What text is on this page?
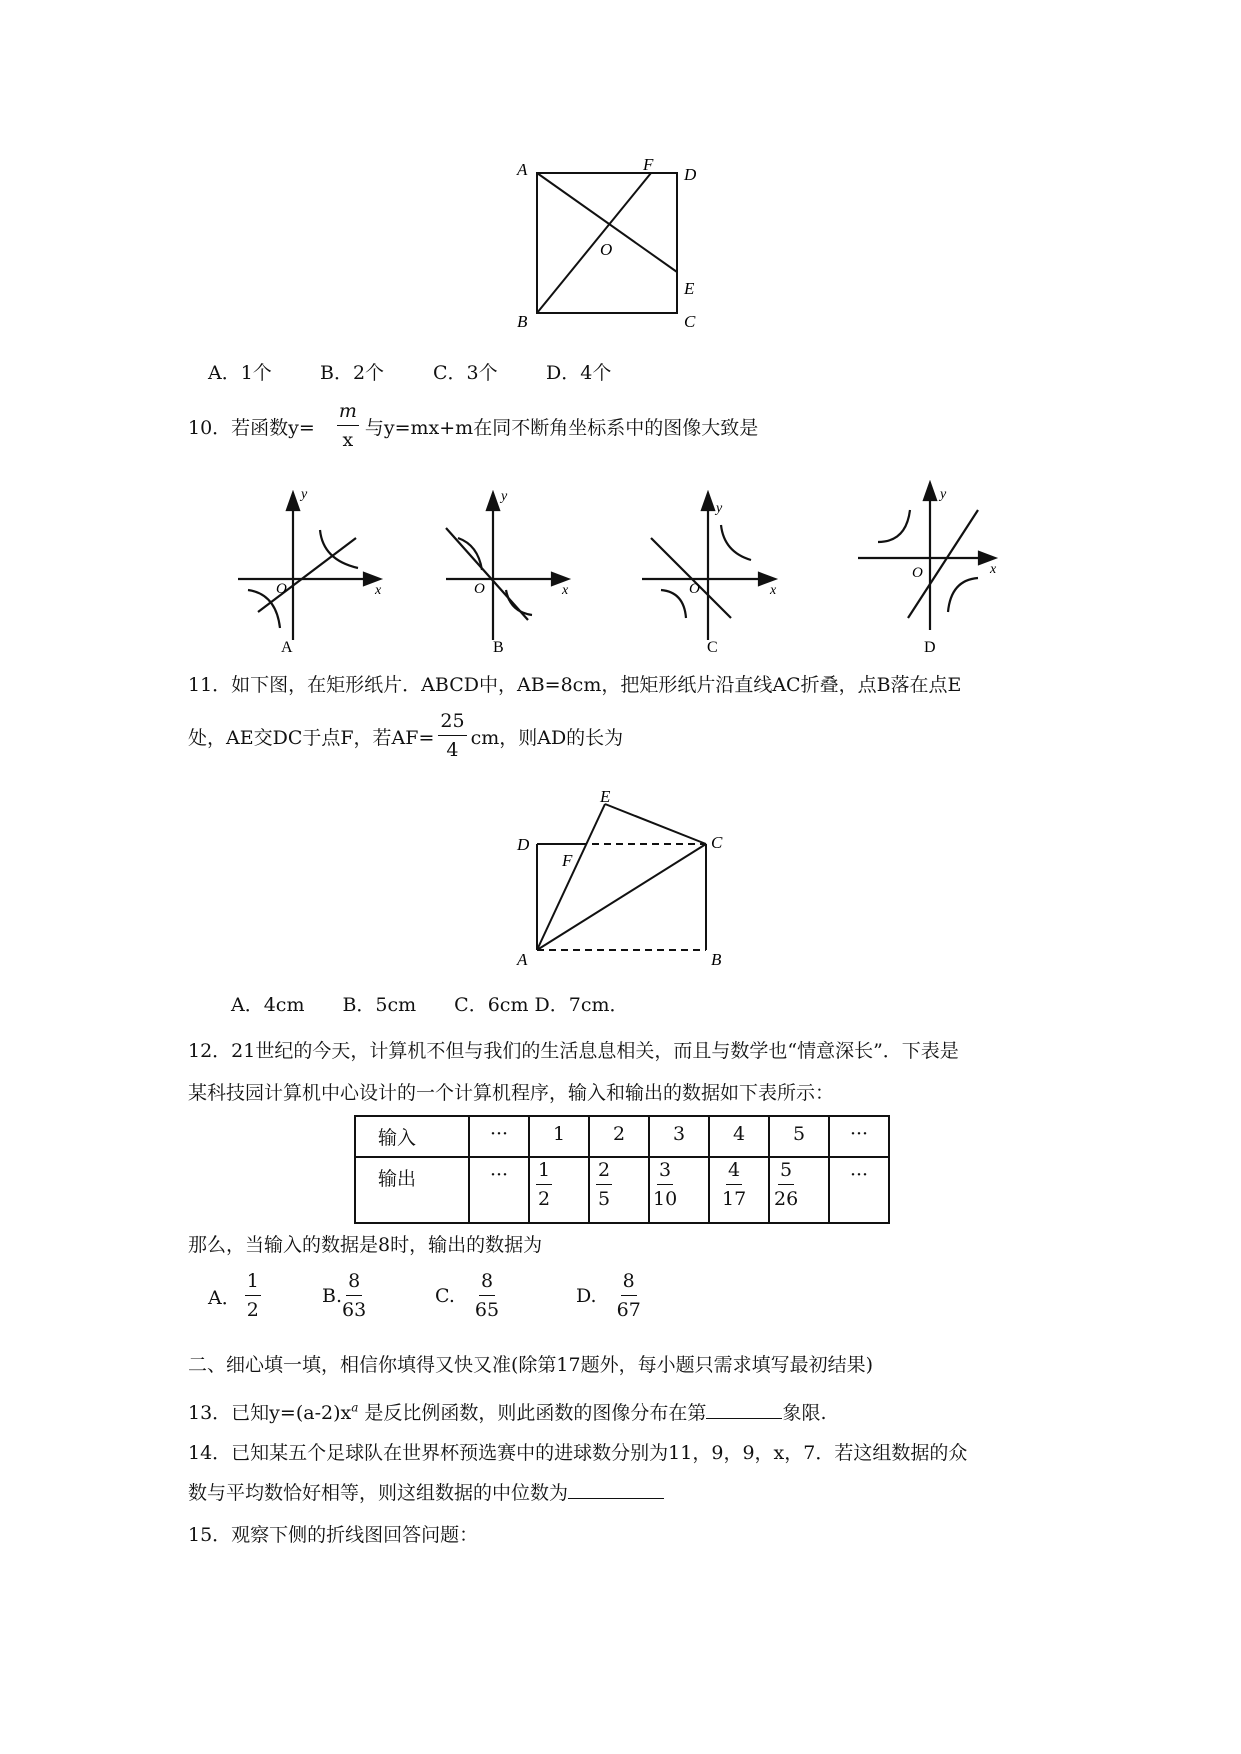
A
B	C
D
E
F
O
A．1个	B．2个	C．3个	D．4个
10．若函数$y= \frac{m}{x}$ 与y=mx+m在同不断角坐标系中的图像大致是
y
x
O
A
y
x
O
B
y
x
O
C
y
x
O
D
11．如下图，在矩形纸片．ABCD中，AB=8cm，把矩形纸片沿直线AC折叠，点B落在点E
处，AE交DC于点F，若$AF= \frac{25}{4}$ cm，则AD的长为
A	B
C
D
E
F
A．4cm　　B．5cm　　C．6cm D．7cm．
12．21世纪的今天，计算机不但与我们的生活息息相关，而且与数学也“情意深长”．下表是
某科技园计算机中心设计的一个计算机程序，输入和输出的数据如下表所示：
输入	···	1	2	3	4	5	···
输出	···	$\frac{1}{2}$	$\frac{2}{5}$	$\frac{3}{10}$	$\frac{4}{17}$	$\frac{5}{26}$	···
那么，当输入的数据是8时，输出的数据为
A． $\frac{1}{2}$	B. $\frac{8}{63}$	C. $\frac{8}{65}$	D. $\frac{8}{67}$
二、细心填一填，相信你填得又快又准(除第17题外，每小题只需求填写最初结果)
13．已知$y=(a-2)x^a$ 是反比例函数，则此函数的图像分布在第	象限.
14．已知某五个足球队在世界杯预选赛中的进球数分别为11，9，9，x，7．若这组数据的众
数与平均数恰好相等，则这组数据的中位数为
15．观察下侧的折线图回答问题：
